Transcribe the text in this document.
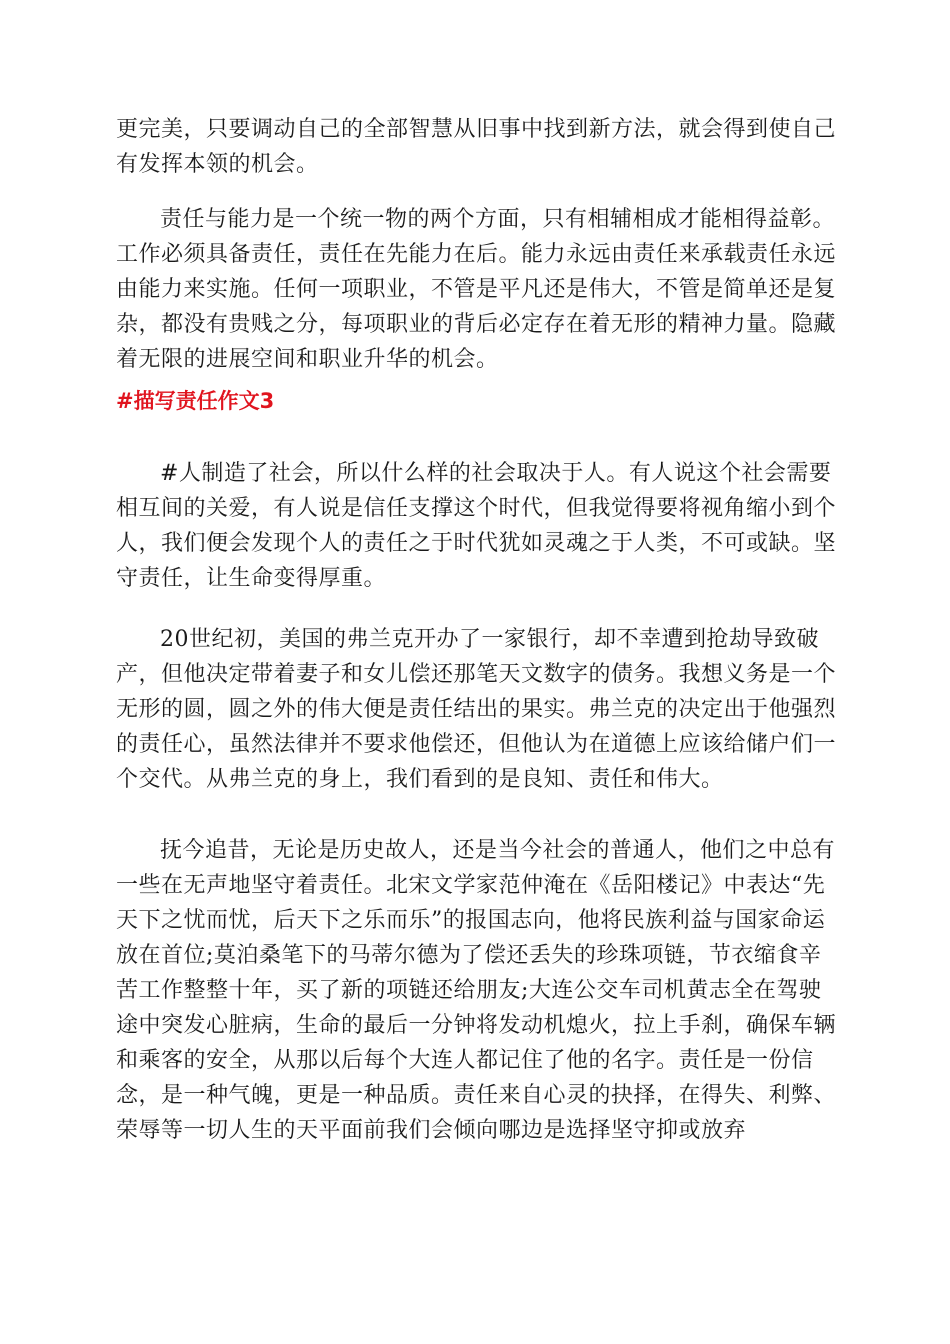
更完美，只要调动自己的全部智慧从旧事中找到新方法，就会得到使自己
有发挥本领的机会。

责任与能力是一个统一物的两个方面，只有相辅相成才能相得益彰。
工作必须具备责任，责任在先能力在后。能力永远由责任来承载责任永远
由能力来实施。任何一项职业，不管是平凡还是伟大，不管是简单还是复
杂，都没有贵贱之分，每项职业的背后必定存在着无形的精神力量。隐藏
着无限的进展空间和职业升华的机会。

#描写责任作文3

#人制造了社会，所以什么样的社会取决于人。有人说这个社会需要
相互间的关爱，有人说是信任支撑这个时代，但我觉得要将视角缩小到个
人，我们便会发现个人的责任之于时代犹如灵魂之于人类，不可或缺。坚
守责任，让生命变得厚重。

20世纪初，美国的弗兰克开办了一家银行，却不幸遭到抢劫导致破
产，但他决定带着妻子和女儿偿还那笔天文数字的债务。我想义务是一个
无形的圆，圆之外的伟大便是责任结出的果实。弗兰克的决定出于他强烈
的责任心，虽然法律并不要求他偿还，但他认为在道德上应该给储户们一
个交代。从弗兰克的身上，我们看到的是良知、责任和伟大。

抚今追昔，无论是历史故人，还是当今社会的普通人，他们之中总有
一些在无声地坚守着责任。北宋文学家范仲淹在《岳阳楼记》中表达“先
天下之忧而忧，后天下之乐而乐”的报国志向，他将民族利益与国家命运
放在首位;莫泊桑笔下的马蒂尔德为了偿还丢失的珍珠项链，节衣缩食辛
苦工作整整十年，买了新的项链还给朋友;大连公交车司机黄志全在驾驶
途中突发心脏病，生命的最后一分钟将发动机熄火，拉上手刹，确保车辆
和乘客的安全，从那以后每个大连人都记住了他的名字。责任是一份信
念，是一种气魄，更是一种品质。责任来自心灵的抉择，在得失、利弊、
荣辱等一切人生的天平面前我们会倾向哪边是选择坚守抑或放弃
